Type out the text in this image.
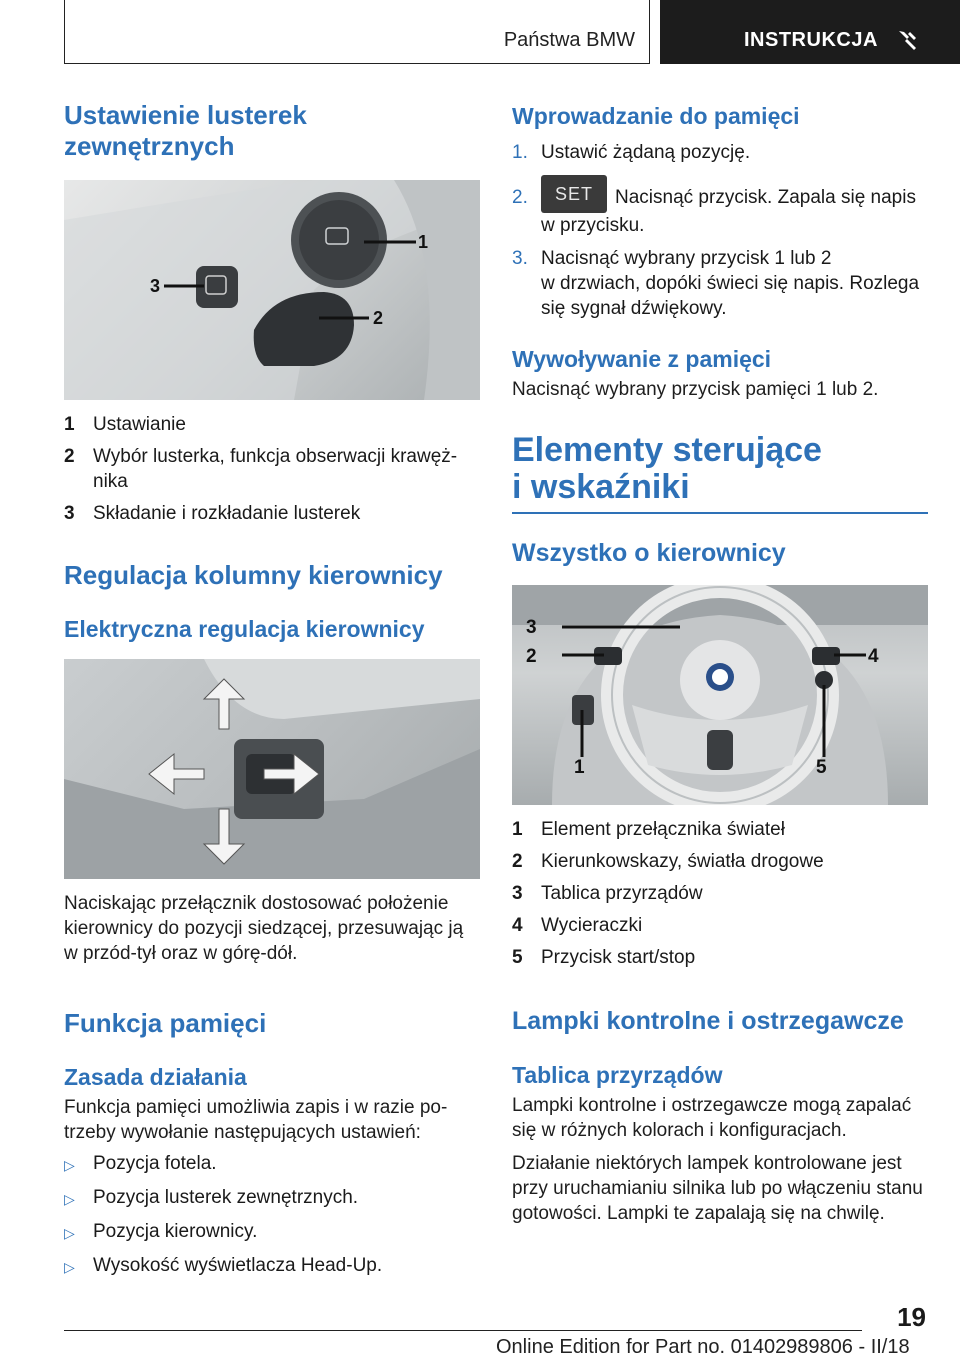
Państwa BMW	INSTRUKCJA
Ustawienie lusterek
zewnętrznych
1
2
3
1 Ustawianie
2 Wybór lusterka, funkcja obserwacji krawęż-
nika
3 Składanie i rozkładanie lusterek
Regulacja kolumny kierownicy
Elektryczna regulacja kierownicy
Naciskając przełącznik dostosować położenie
kierownicy do pozycji siedzącej, przesuwając ją
w przód-tył oraz w górę-dół.
Funkcja pamięci
Zasada działania
Funkcja pamięci umożliwia zapis i w razie po-
trzeby wywołanie następujących ustawień:
▷ Pozycja fotela.
▷ Pozycja lusterek zewnętrznych.
▷ Pozycja kierownicy.
▷ Wysokość wyświetlacza Head-Up.
Wprowadzanie do pamięci
1. Ustawić żądaną pozycję.
2.	SET Nacisnąć przycisk. Zapala się napis
w przycisku.
3. Nacisnąć wybrany przycisk 1 lub 2
w drzwiach, dopóki świeci się napis. Rozlega
się sygnał dźwiękowy.
Wywoływanie z pamięci
Nacisnąć wybrany przycisk pamięci 1 lub 2.
Elementy sterujące
i wskaźniki
Wszystko o kierownicy
3
2	4
1	5
1 Element przełącznika świateł
2 Kierunkowskazy, światła drogowe
3 Tablica przyrządów
4 Wycieraczki
5 Przycisk start/stop
Lampki kontrolne i ostrzegawcze
Tablica przyrządów
Lampki kontrolne i ostrzegawcze mogą zapalać
się w różnych kolorach i konfiguracjach.
Działanie niektórych lampek kontrolowane jest
przy uruchamianiu silnika lub po włączeniu stanu
gotowości. Lampki te zapalają się na chwilę.
19
Online Edition for Part no. 01402989806 - II/18
